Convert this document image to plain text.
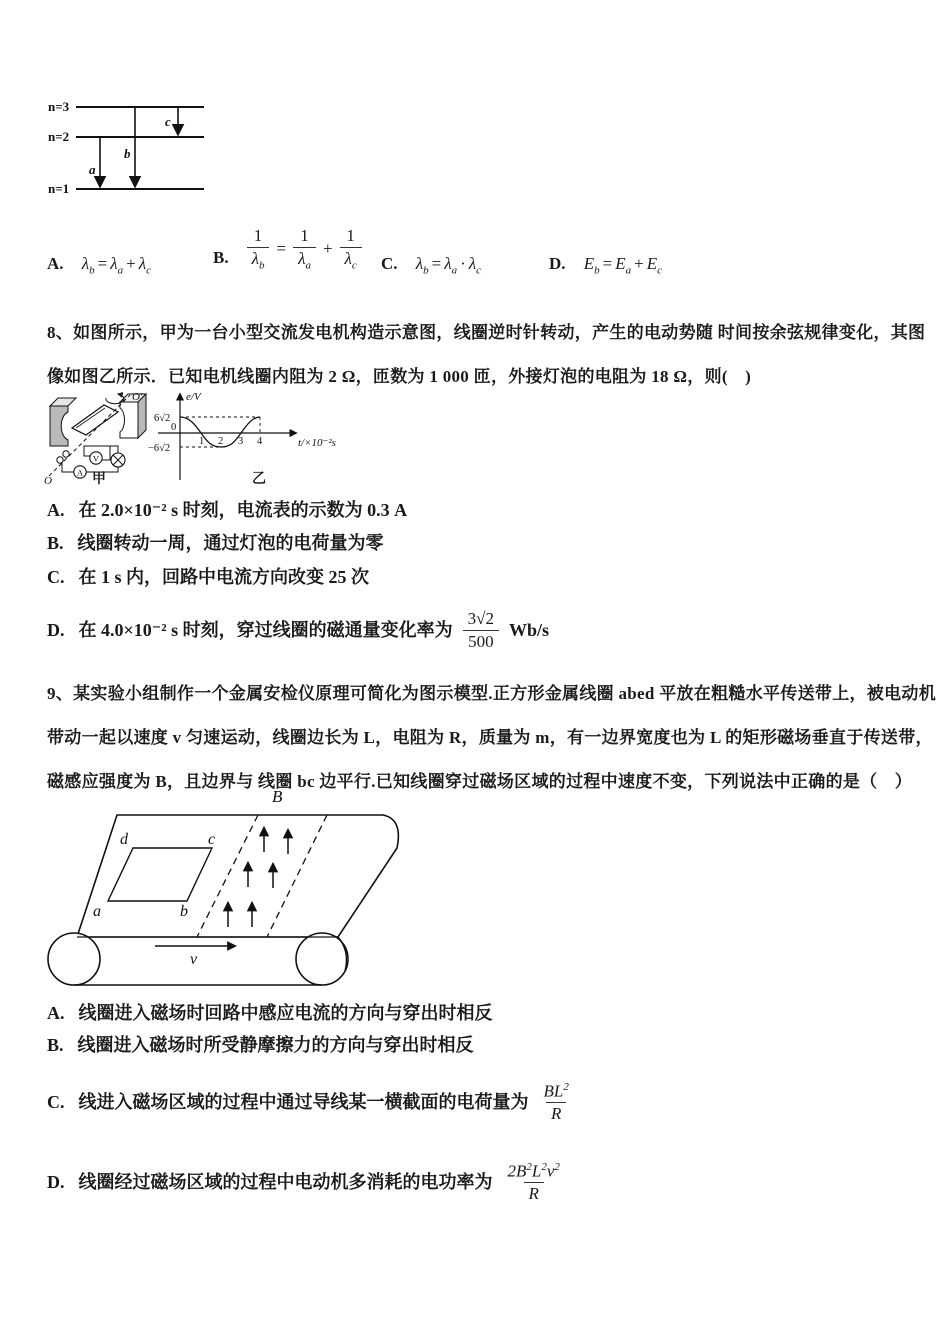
n=3
n=2
n=1
a
b
c
A. $\lambda_b = \lambda_a + \lambda_c$
B. $\frac{1}{\lambda_b} = \frac{1}{\lambda_a} + \frac{1}{\lambda_c} C$. $\lambda_b = \lambda_a \cdot \lambda_c$	D. $E_b = E_a + E_c$
8、如图所示，甲为一台小型交流发电机构造示意图，线圈逆时针转动，产生的电动势随 时间按余弦规律变化，其图
像如图乙所示．已知电机线圈内阻为 2 Ω，匝数为 1 000 匝，外接灯泡的电阻为 18 Ω，则(　)
A
V
O′
O	甲
e/V
t/×10⁻²s
6√2
−6√2
0
1 2 3 4
乙
A. 在 2.0×10⁻² s 时刻，电流表的示数为 0.3 A
B. 线圈转动一周，通过灯泡的电荷量为零
C. 在 1 s 内，回路中电流方向改变 25 次
D. 在 4.0×10⁻² s 时刻，穿过线圈的磁通量变化率为 $\frac{3√2}{500} Wb/s$
9、某实验小组制作一个金属安检仪原理可简化为图示模型.正方形金属线圈 abed 平放在粗糙水平传送带上，被电动机
带动一起以速度 v 匀速运动，线圈边长为 L，电阻为 R，质量为 m，有一边界宽度也为 L 的矩形磁场垂直于传送带，
磁感应强度为 B，且边界与 线圈 bc 边平行.已知线圈穿过磁场区域的过程中速度不变，下列说法中正确的是（　）
d	c
a	b
B
v
A. 线圈进入磁场时回路中感应电流的方向与穿出时相反
B. 线圈进入磁场时所受静摩擦力的方向与穿出时相反
C. 线进入磁场区域的过程中通过导线某一横截面的电荷量为 $\frac{BL^2}{R}$
D. 线圈经过磁场区域的过程中电动机多消耗的电功率为 $\frac{2B^2L^2v^2}{R}$
